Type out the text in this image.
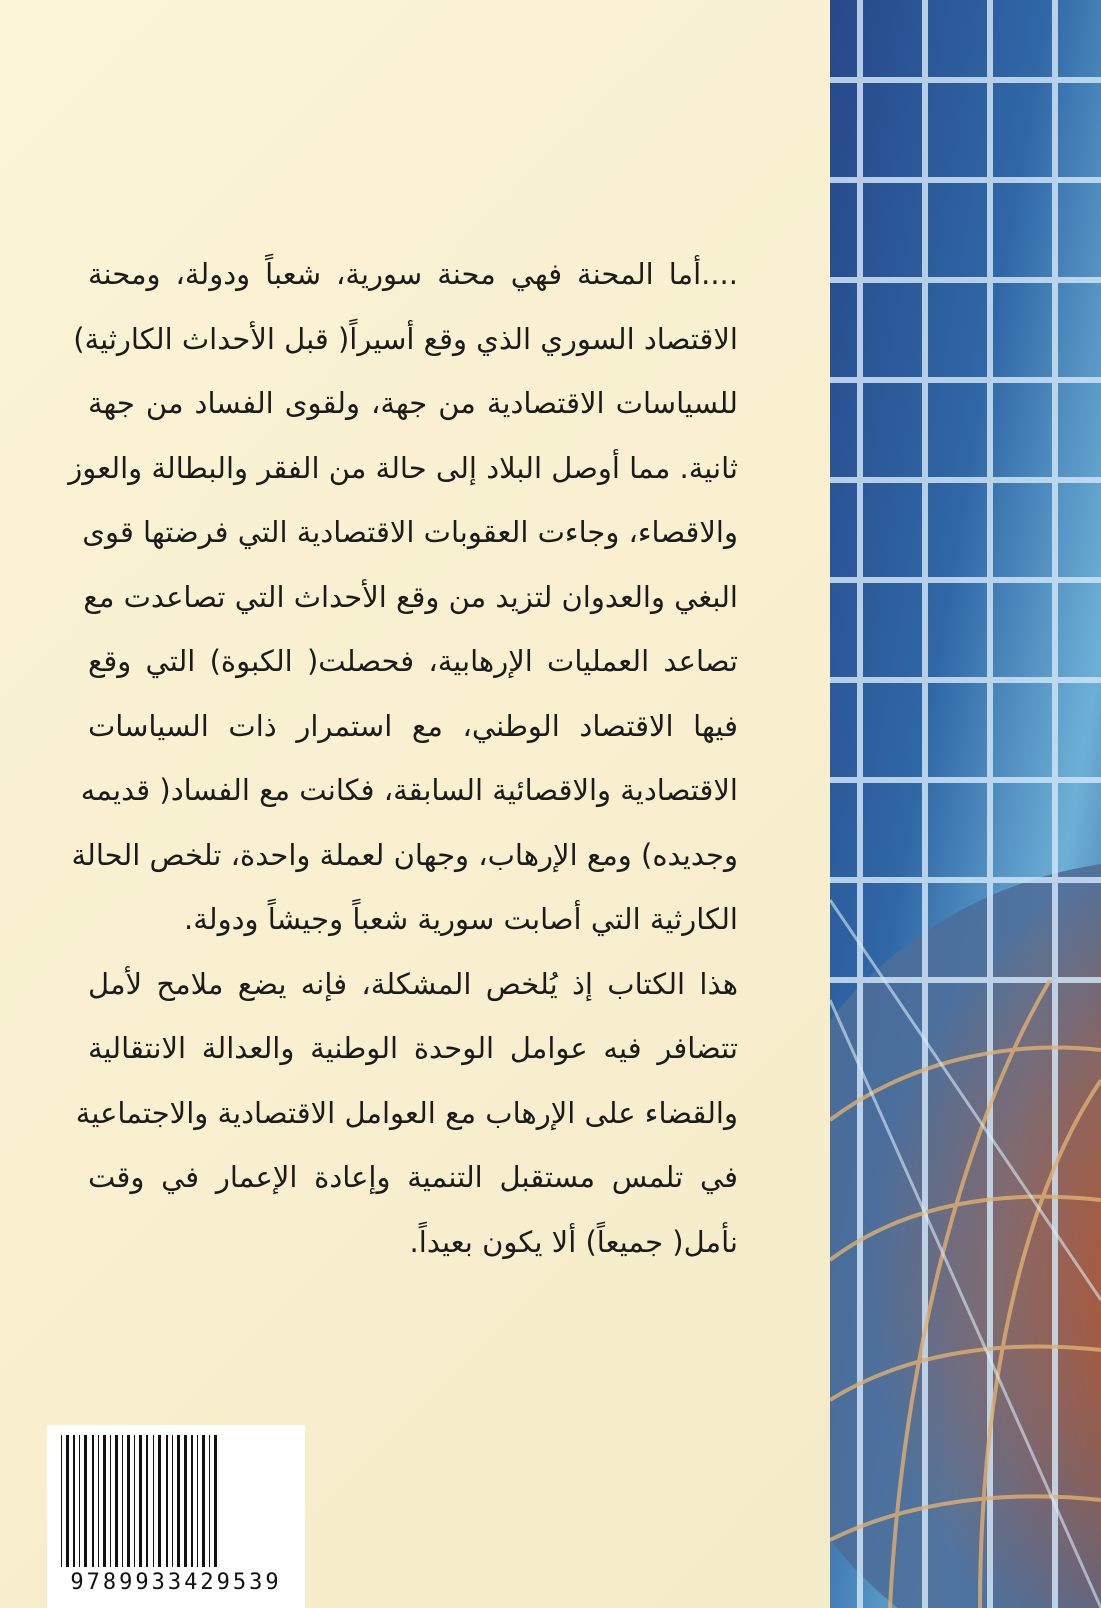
....أما المحنة فهي محنة سورية، شعباً ودولة، ومحنة
الاقتصاد السوري الذي وقع أسيراً( قبل الأحداث الكارثية)
للسياسات الاقتصادية من جهة، ولقوى الفساد من جهة
ثانية. مما أوصل البلاد إلى حالة من الفقر والبطالة والعوز
والاقصاء، وجاءت العقوبات الاقتصادية التي فرضتها قوى
البغي والعدوان لتزيد من وقع الأحداث التي تصاعدت مع
تصاعد العمليات الإرهابية، فحصلت( الكبوة) التي وقع
فيها الاقتصاد الوطني، مع استمرار ذات السياسات
الاقتصادية والاقصائية السابقة، فكانت مع الفساد( قديمه
وجديده) ومع الإرهاب، وجهان لعملة واحدة، تلخص الحالة
الكارثية التي أصابت سورية شعباً وجيشاً ودولة.
هذا الكتاب إذ يُلخص المشكلة، فإنه يضع ملامح لأمل
تتضافر فيه عوامل الوحدة الوطنية والعدالة الانتقالية
والقضاء على الإرهاب مع العوامل الاقتصادية والاجتماعية
في تلمس مستقبل التنمية وإعادة الإعمار في وقت
نأمل( جميعاً) ألا يكون بعيداً.
9789933429539
